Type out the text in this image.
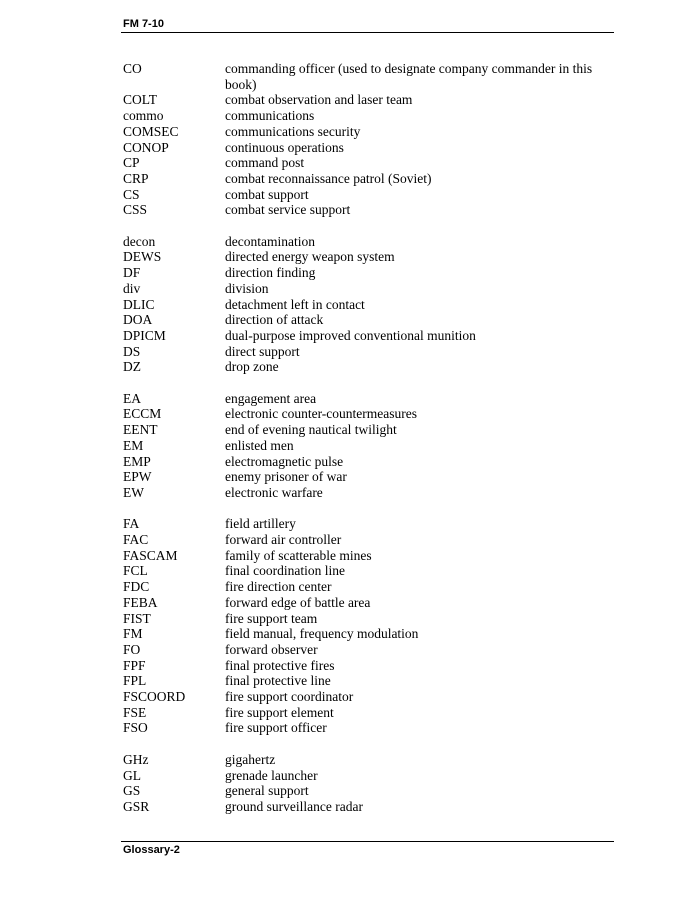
FM 7-10
CO	commanding officer (used to designate company commander in this book)
COLT	combat observation and laser team
commo	communications
COMSEC	communications security
CONOP	continuous operations
CP	command post
CRP	combat reconnaissance patrol (Soviet)
CS	combat support
CSS	combat service support
decon	decontamination
DEWS	directed energy weapon system
DF	direction finding
div	division
DLIC	detachment left in contact
DOA	direction of attack
DPICM	dual-purpose improved conventional munition
DS	direct support
DZ	drop zone
EA	engagement area
ECCM	electronic counter-countermeasures
EENT	end of evening nautical twilight
EM	enlisted men
EMP	electromagnetic pulse
EPW	enemy prisoner of war
EW	electronic warfare
FA	field artillery
FAC	forward air controller
FASCAM	family of scatterable mines
FCL	final coordination line
FDC	fire direction center
FEBA	forward edge of battle area
FIST	fire support team
FM	field manual, frequency modulation
FO	forward observer
FPF	final protective fires
FPL	final protective line
FSCOORD	fire support coordinator
FSE	fire support element
FSO	fire support officer
GHz	gigahertz
GL	grenade launcher
GS	general support
GSR	ground surveillance radar
Glossary-2
